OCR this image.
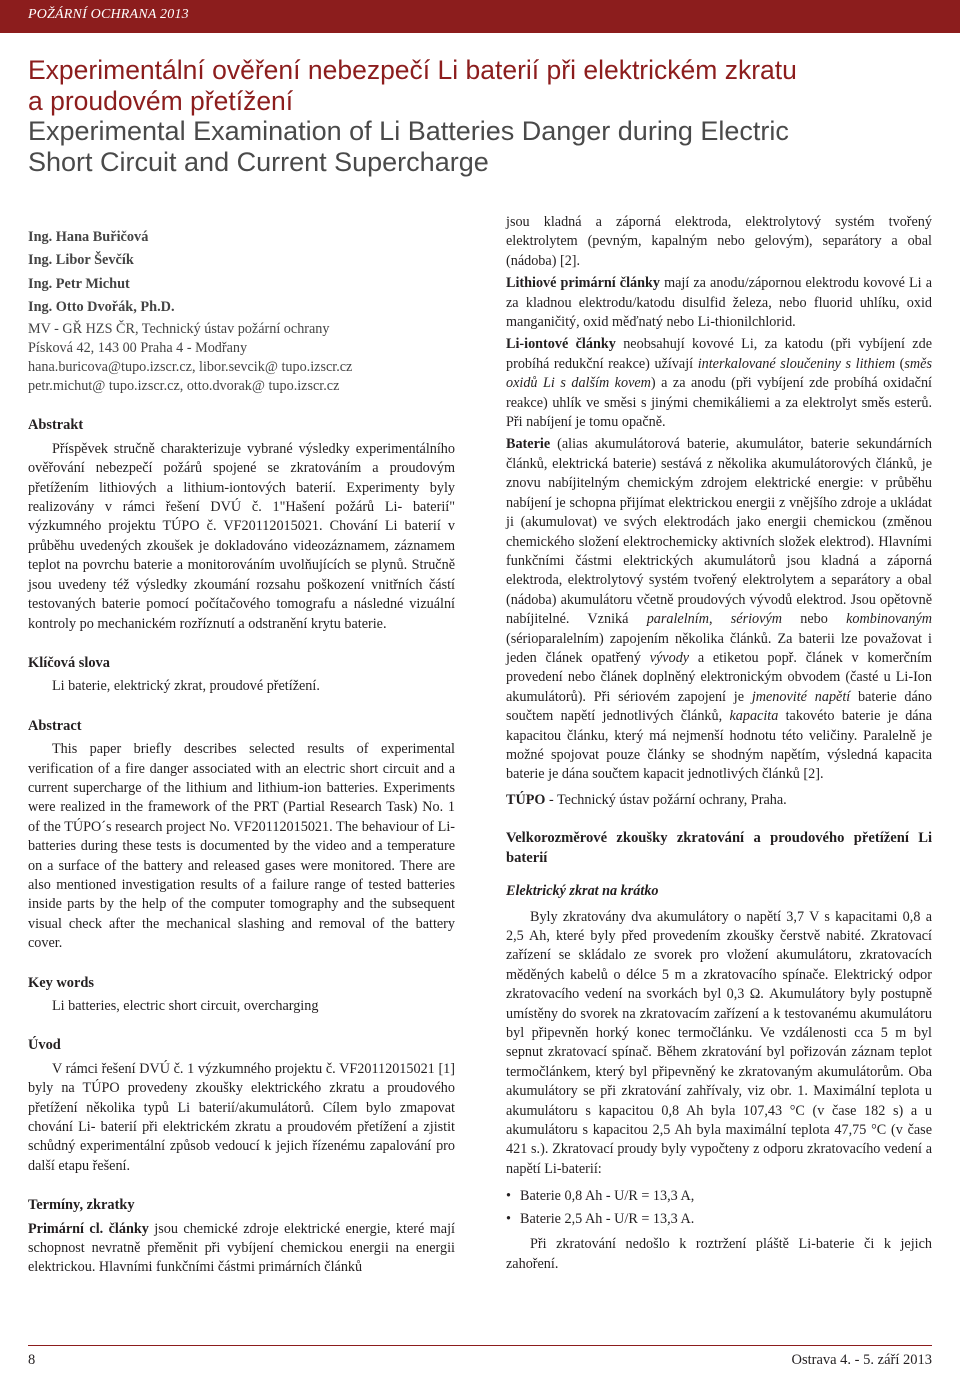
POŽÁRNÍ OCHRANA 2013
Experimentální ověření nebezpečí Li baterií při elektrickém zkratu
a proudovém přetížení
Experimental Examination of Li Batteries Danger during Electric
Short Circuit and Current Supercharge
Ing. Hana Buřičová
Ing. Libor Ševčík
Ing. Petr Michut
Ing. Otto Dvořák, Ph.D.
MV - GŘ HZS ČR, Technický ústav požární ochrany
Písková 42, 143 00 Praha 4 - Modřany
hana.buricova@tupo.izscr.cz, libor.sevcik@ tupo.izscr.cz
petr.michut@ tupo.izscr.cz, otto.dvorak@ tupo.izscr.cz
Abstrakt

Příspěvek stručně charakterizuje vybrané výsledky experimentálního ověřování nebezpečí požárů spojené se zkratováním a proudovým přetížením lithiových a lithium-iontových baterií. Experimenty byly realizovány v rámci řešení DVÚ č. 1"Hašení požárů Li- baterií" výzkumného projektu TÚPO č. VF20112015021. Chování Li baterií v průběhu uvedených zkoušek je dokladováno videozáznamem, záznamem teplot na povrchu baterie a monitorováním uvolňujících se plynů. Stručně jsou uvedeny též výsledky zkoumání rozsahu poškození vnitřních částí testovaných baterie pomocí počítačového tomografu a následné vizuální kontroly po mechanickém rozříznutí a odstranění krytu baterie.

Klíčová slova

Li baterie, elektrický zkrat, proudové přetížení.

Abstract

This paper briefly describes selected results of experimental verification of a fire danger associated with an electric short circuit and a current supercharge of the lithium and lithium-ion batteries. Experiments were realized in the framework of the PRT (Partial Research Task) No. 1 of the TÚPO´s research project No. VF20112015021. The behaviour of Li- batteries during these tests is documented by the video and a temperature on a surface of the battery and released gases were monitored. There are also mentioned investigation results of a failure range of tested batteries inside parts by the help of the computer tomography and the subsequent visual check after the mechanical slashing and removal of the battery cover.

Key words

Li batteries, electric short circuit, overcharging

Úvod

V rámci řešení DVÚ č. 1 výzkumného projektu č. VF20112015021 [1] byly na TÚPO provedeny zkoušky elektrického zkratu a proudového přetížení několika typů Li baterií/akumulátorů. Cílem bylo zmapovat chování Li- baterií při elektrickém zkratu a proudovém přetížení a zjistit schůdný experimentální způsob vedoucí k jejich řízenému zapalování pro další etapu řešení.

Termíny, zkratky

Primární cl. články jsou chemické zdroje elektrické energie, které mají schopnost nevratně přeměnit při vybíjení chemickou energii na energii elektrickou. Hlavními funkčními částmi primárních článků

jsou kladná a záporná elektroda, elektrolytový systém tvořený elektrolytem (pevným, kapalným nebo gelovým), separátory a obal (nádoba) [2].

Lithiové primární články mají za anodu/zápornou elektrodu kovové Li a za kladnou elektrodu/katodu disulfid železa, nebo fluorid uhlíku, oxid manganičitý, oxid měďnatý nebo Li-thionilchlorid.

Li-iontové články neobsahují kovové Li, za katodu (při vybíjení zde probíhá redukční reakce) užívají interkalované sloučeniny s lithiem (směs oxidů Li s dalším kovem) a za anodu (při vybíjení zde probíhá oxidační reakce) uhlík ve směsi s jinými chemikáliemi a za elektrolyt směs esterů. Při nabíjení je tomu opačně.

Baterie (alias akumulátorová baterie, akumulátor, baterie sekundárních článků, elektrická baterie) sestává z několika akumulátorových článků, je znovu nabíjitelným chemickým zdrojem elektrické energie: v průběhu nabíjení je schopna přijímat elektrickou energii z vnějšího zdroje a ukládat ji (akumulovat) ve svých elektrodách jako energii chemickou (změnou chemického složení elektrochemicky aktivních složek elektrod). Hlavními funkčními částmi elektrických akumulátorů jsou kladná a záporná elektroda, elektrolytový systém tvořený elektrolytem a separátory a obal (nádoba) akumulátoru včetně proudových vývodů elektrod. Jsou opětovně nabíjitelné. Vzniká paralelním, sériovým nebo kombinovaným (sérioparalelním) zapojením několika článků. Za baterii lze považovat i jeden článek opatřený vývody a etiketou popř. článek v komerčním provedení nebo článek doplněný elektronickým obvodem (časté u Li-Ion akumulátorů). Při sériovém zapojení je jmenovité napětí baterie dáno součtem napětí jednotlivých článků, kapacita takovéto baterie je dána kapacitou článku, který má nejmenší hodnotu této veličiny. Paralelně je možné spojovat pouze články se shodným napětím, výsledná kapacita baterie je dána součtem kapacit jednotlivých článků [2].

TÚPO - Technický ústav požární ochrany, Praha.

Velkorozměrové zkoušky zkratování a proudového přetížení Li baterií
Elektrický zkrat na krátko

Byly zkratovány dva akumulátory o napětí 3,7 V s kapacitami 0,8 a 2,5 Ah, které byly před provedením zkoušky čerstvě nabité. Zkratovací zařízení se skládalo ze svorek pro vložení akumulátoru, zkratovacích měděných kabelů o délce 5 m a zkratovacího spínače. Elektrický odpor zkratovacího vedení na svorkách byl 0,3 Ω. Akumulátory byly postupně umístěny do svorek na zkratovacím zařízení a k testovanému akumulátoru byl připevněn horký konec termočlánku. Ve vzdálenosti cca 5 m byl sepnut zkratovací spínač. Během zkratování byl pořizován záznam teplot termočlánkem, který byl připevněný ke zkratovaným akumulátorům. Oba akumulátory se při zkratování zahřívaly, viz obr. 1. Maximální teplota u akumulátoru s kapacitou 0,8 Ah byla 107,43 °C (v čase 182 s) a u akumulátoru s kapacitou 2,5 Ah byla maximální teplota 47,75 °C (v čase 421 s.). Zkratovací proudy byly vypočteny z odporu zkratovacího vedení a napětí Li-baterií:

• Baterie 0,8 Ah - U/R = 13,3 A,
• Baterie 2,5 Ah - U/R = 13,3 A.

Při zkratování nedošlo k roztržení pláště Li-baterie či k jejich zahoření.

8	Ostrava 4. - 5. září 2013
